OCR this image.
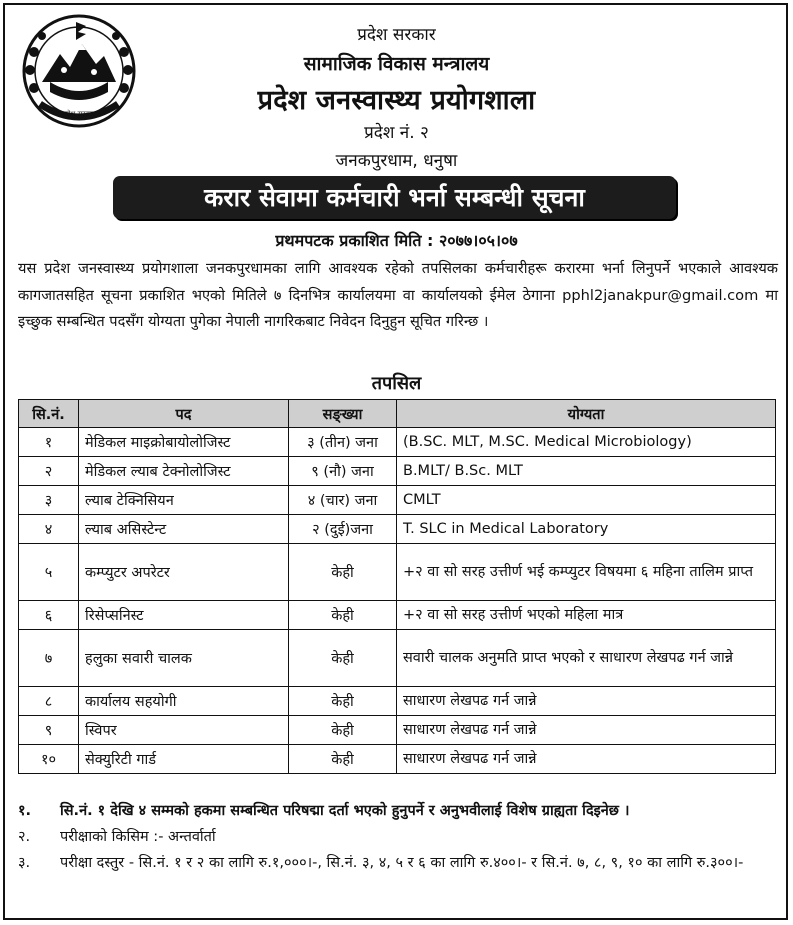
प्रदेश सरकार
प्रदेश सरकार
सामाजिक विकास मन्त्रालय
प्रदेश जनस्वास्थ्य प्रयोगशाला
प्रदेश नं. २
जनकपुरधाम, धनुषा
करार सेवामा कर्मचारी भर्ना सम्बन्धी सूचना
प्रथमपटक प्रकाशित मिति : २०७७।०५।०७
यस प्रदेश जनस्वास्थ्य प्रयोगशाला जनकपुरधामका लागि आवश्यक रहेको तपसिलका कर्मचारीहरू करारमा भर्ना लिनुपर्ने भएकाले आवश्यक कागजातसहित सूचना प्रकाशित भएको मितिले ७ दिनभित्र कार्यालयमा वा कार्यालयको ईमेल ठेगाना pphl2janakpur@gmail.com मा इच्छुक सम्बन्धित पदसँग योग्यता पुगेका नेपाली नागरिकबाट निवेदन दिनुहुन सूचित गरिन्छ ।
तपसिल
सि.नं.	पद	सङ्ख्या	योग्यता
१	मेडिकल माइक्रोबायोलोजिस्ट	३ (तीन) जना	(B.SC. MLT, M.SC. Medical Microbiology)
२	मेडिकल ल्याब टेक्नोलोजिस्ट	९ (नौ) जना	B.MLT/ B.Sc. MLT
३	ल्याब टेक्निसियन	४ (चार) जना	CMLT
४	ल्याब असिस्टेन्ट	२ (दुई)जना	T. SLC in Medical Laboratory
५	कम्प्युटर अपरेटर	केही	+२ वा सो सरह उत्तीर्ण भई कम्प्युटर विषयमा ६ महिना तालिम प्राप्त
६	रिसेप्सनिस्ट	केही	+२ वा सो सरह उत्तीर्ण भएको महिला मात्र
७	हलुका सवारी चालक	केही	सवारी चालक अनुमति प्राप्त भएको र साधारण लेखपढ गर्न जान्ने
८	कार्यालय सहयोगी	केही	साधारण लेखपढ गर्न जान्ने
९	स्विपर	केही	साधारण लेखपढ गर्न जान्ने
१०	सेक्युरिटी गार्ड	केही	साधारण लेखपढ गर्न जान्ने
१. सि.नं. १ देखि ४ सम्मको हकमा सम्बन्धित परिषद्मा दर्ता भएको हुनुपर्ने र अनुभवीलाई विशेष ग्राह्यता दिइनेछ ।
२. परीक्षाको किसिम :- अन्तर्वार्ता
३. परीक्षा दस्तुर - सि.नं. १ र २ का लागि रु.१,०००।-, सि.नं. ३, ४, ५ र ६ का लागि रु.४००।- र सि.नं. ७, ८, ९, १० का लागि रु.३००।-
